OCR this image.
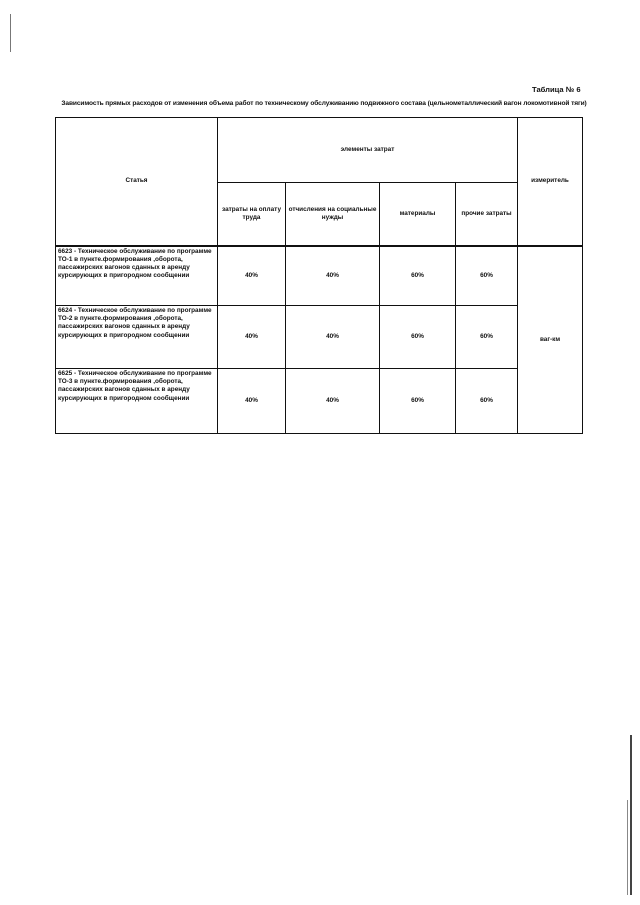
Таблица № 6
Зависимость прямых расходов от изменения объема работ по техническому обслуживанию подвижного состава (цельнометаллический вагон локомотивной тяги)
Статья	элементы затрат				измеритель
	затраты на оплату труда	отчисления на социальные нужды	материалы	прочие затраты	
6623 - Техническое обслуживание по программе ТО-1 в пункте.формирования ,оборота, пассажирских вагонов сданных в аренду курсирующих в пригородном сообщении	40%	40%	60%	60%	ваг-км
6624 - Техническое обслуживание по программе ТО-2 в пункте.формирования ,оборота, пассажирских вагонов сданных в аренду курсирующих в пригородном сообщении	40%	40%	60%	60%	
6625 - Техническое обслуживание по программе ТО-3 в пункте.формирования ,оборота, пассажирских вагонов сданных в аренду курсирующих в пригородном сообщении	40%	40%	60%	60%	
